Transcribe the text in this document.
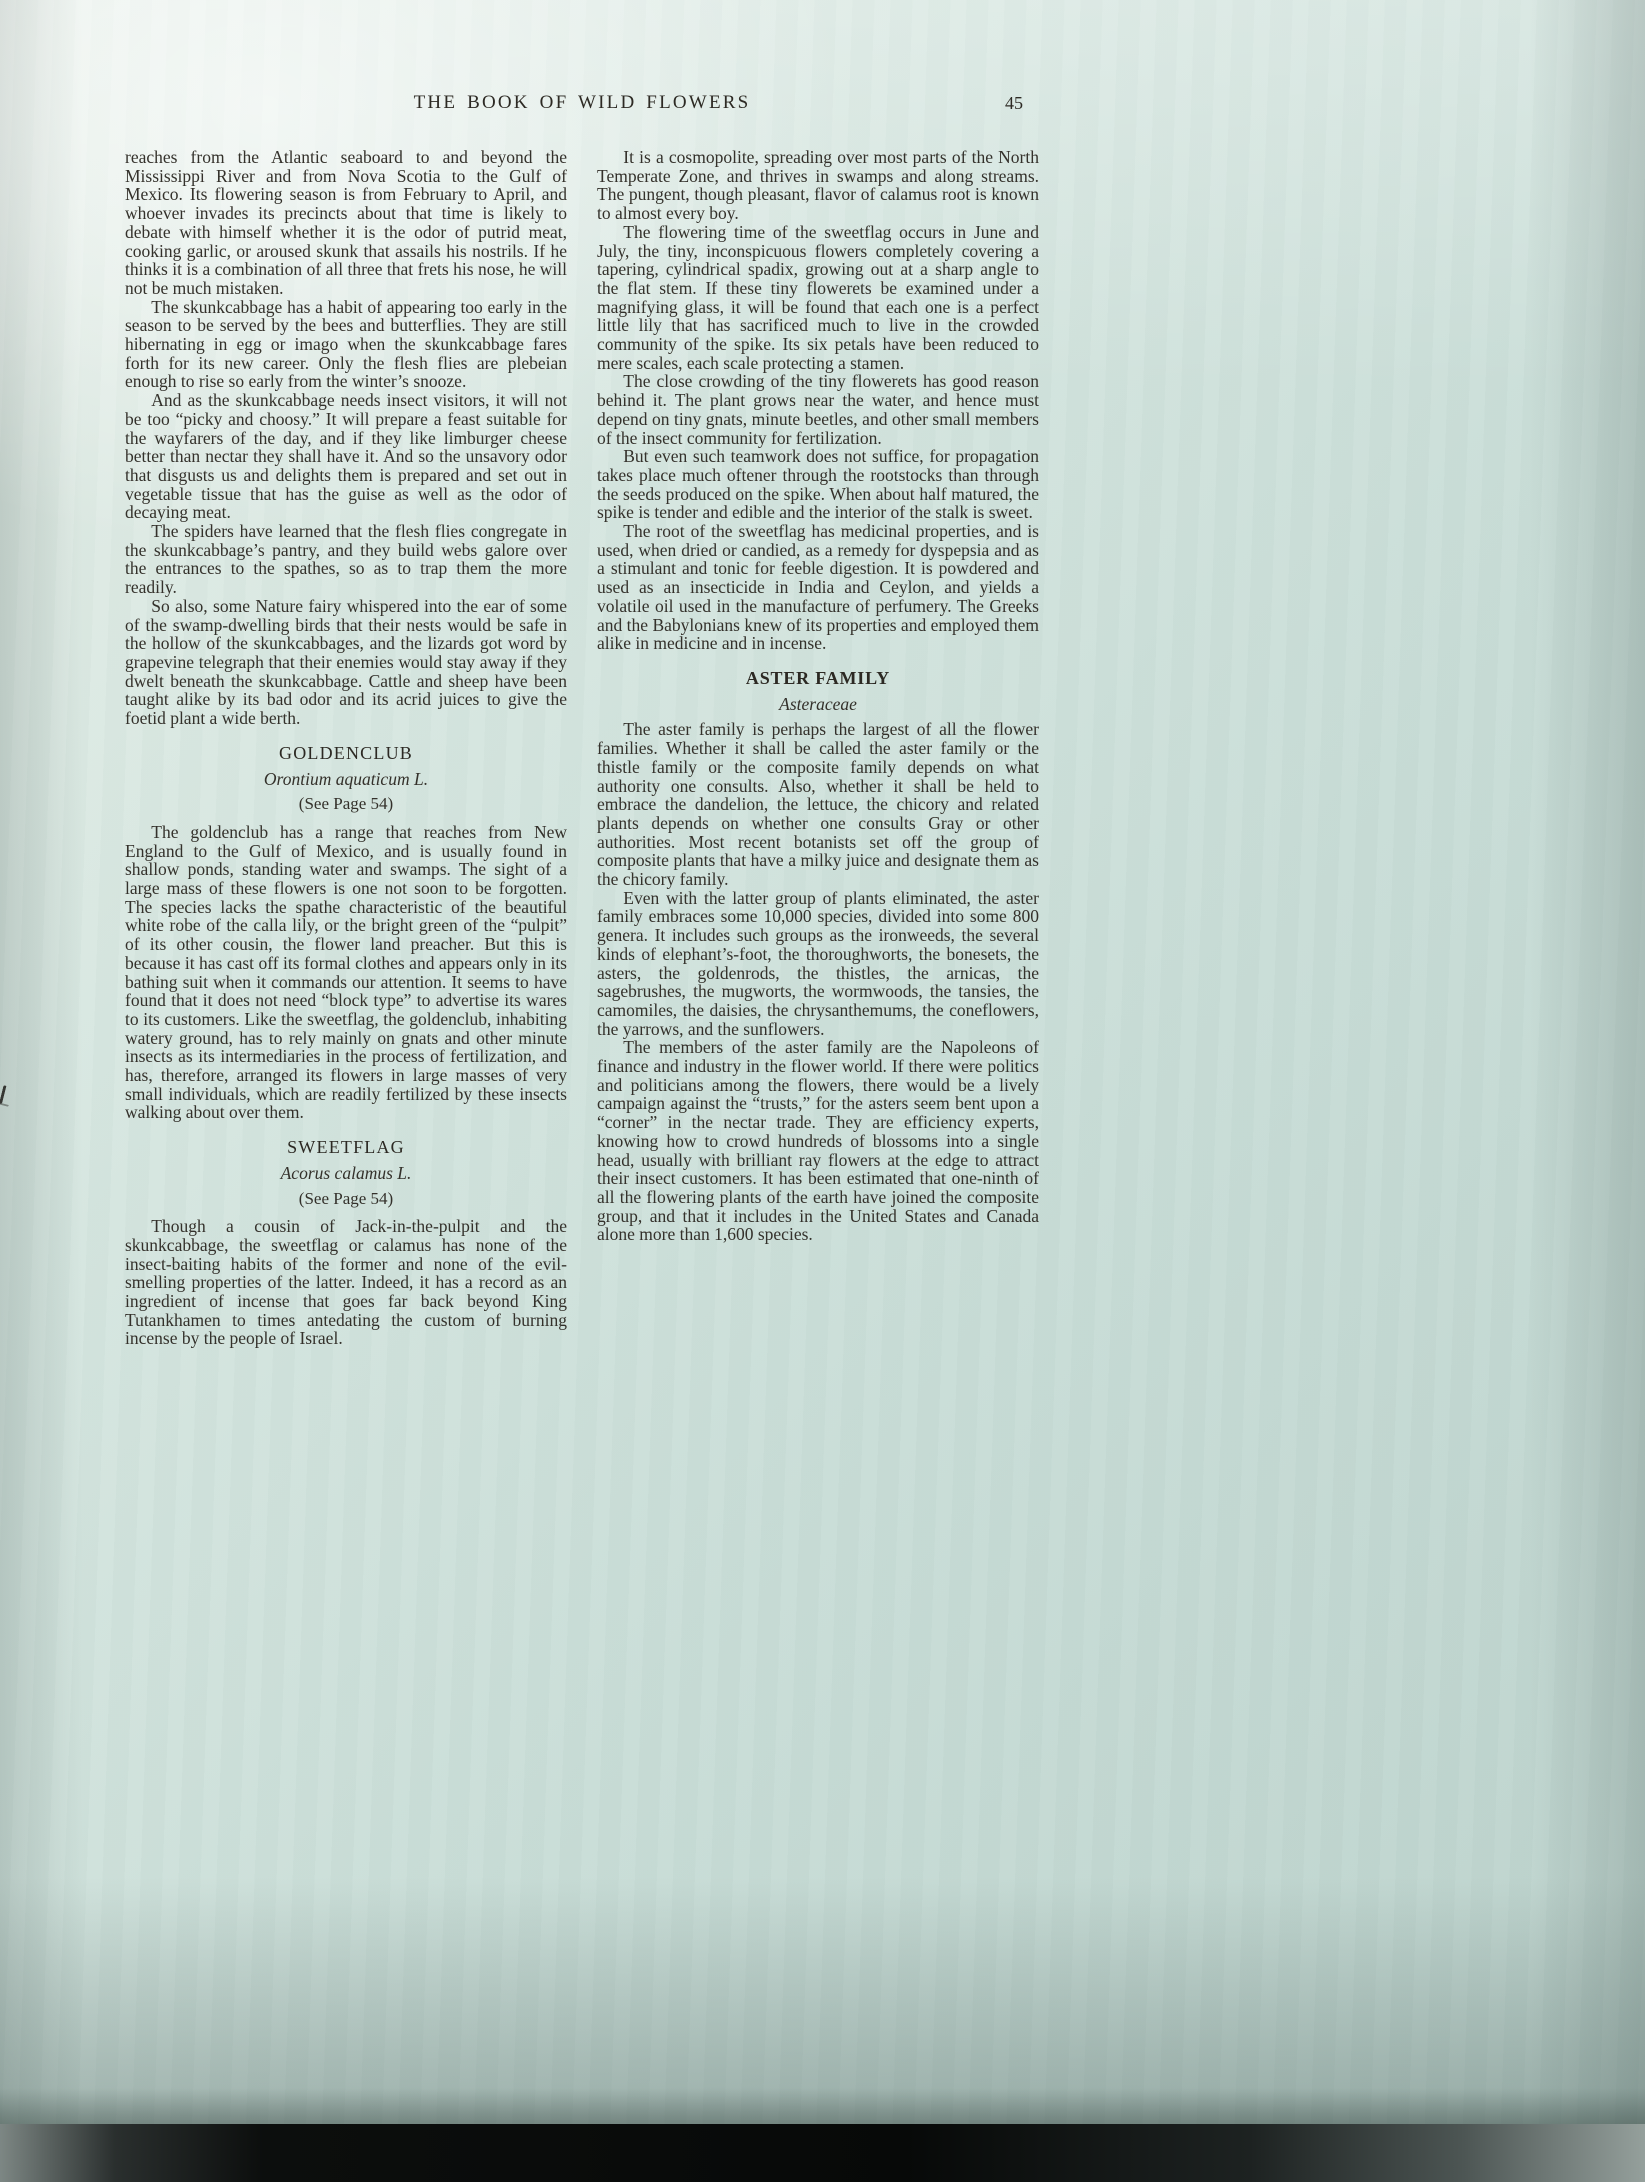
THE BOOK OF WILD FLOWERS	45

reaches from the Atlantic seaboard to and beyond the Mississippi River and from Nova Scotia to the Gulf of Mexico. Its flowering season is from February to April, and whoever invades its precincts about that time is likely to debate with himself whether it is the odor of putrid meat, cooking garlic, or aroused skunk that assails his nostrils. If he thinks it is a combination of all three that frets his nose, he will not be much mistaken.

The skunkcabbage has a habit of appearing too early in the season to be served by the bees and butterflies. They are still hibernating in egg or imago when the skunkcabbage fares forth for its new career. Only the flesh flies are plebeian enough to rise so early from the winter’s snooze.

And as the skunkcabbage needs insect visitors, it will not be too “picky and choosy.” It will prepare a feast suitable for the wayfarers of the day, and if they like limburger cheese better than nectar they shall have it. And so the unsavory odor that disgusts us and delights them is prepared and set out in vegetable tissue that has the guise as well as the odor of decaying meat.

The spiders have learned that the flesh flies congregate in the skunkcabbage’s pantry, and they build webs galore over the entrances to the spathes, so as to trap them the more readily.

So also, some Nature fairy whispered into the ear of some of the swamp-dwelling birds that their nests would be safe in the hollow of the skunkcabbages, and the lizards got word by grapevine telegraph that their enemies would stay away if they dwelt beneath the skunkcabbage. Cattle and sheep have been taught alike by its bad odor and its acrid juices to give the foetid plant a wide berth.

GOLDENCLUB

Orontium aquaticum L.

(See Page 54)

The goldenclub has a range that reaches from New England to the Gulf of Mexico, and is usually found in shallow ponds, standing water and swamps. The sight of a large mass of these flowers is one not soon to be forgotten. The species lacks the spathe characteristic of the beautiful white robe of the calla lily, or the bright green of the “pulpit” of its other cousin, the flower land preacher. But this is because it has cast off its formal clothes and appears only in its bathing suit when it commands our attention. It seems to have found that it does not need “block type” to advertise its wares to its customers. Like the sweetflag, the goldenclub, inhabiting watery ground, has to rely mainly on gnats and other minute insects as its intermediaries in the process of fertilization, and has, therefore, arranged its flowers in large masses of very small individuals, which are readily fertilized by these insects walking about over them.

SWEETFLAG

Acorus calamus L.

(See Page 54)

Though a cousin of Jack-in-the-pulpit and the skunkcabbage, the sweetflag or calamus has none of the insect-baiting habits of the former and none of the evil-smelling properties of the latter. Indeed, it has a record as an ingredient of incense that goes far back beyond King Tutankhamen to times antedating the custom of burning incense by the people of Israel.

It is a cosmopolite, spreading over most parts of the North Temperate Zone, and thrives in swamps and along streams. The pungent, though pleasant, flavor of calamus root is known to almost every boy.

The flowering time of the sweetflag occurs in June and July, the tiny, inconspicuous flowers completely covering a tapering, cylindrical spadix, growing out at a sharp angle to the flat stem. If these tiny flowerets be examined under a magnifying glass, it will be found that each one is a perfect little lily that has sacrificed much to live in the crowded community of the spike. Its six petals have been reduced to mere scales, each scale protecting a stamen.

The close crowding of the tiny flowerets has good reason behind it. The plant grows near the water, and hence must depend on tiny gnats, minute beetles, and other small members of the insect community for fertilization.

But even such teamwork does not suffice, for propagation takes place much oftener through the rootstocks than through the seeds produced on the spike. When about half matured, the spike is tender and edible and the interior of the stalk is sweet.

The root of the sweetflag has medicinal properties, and is used, when dried or candied, as a remedy for dyspepsia and as a stimulant and tonic for feeble digestion. It is powdered and used as an insecticide in India and Ceylon, and yields a volatile oil used in the manufacture of perfumery. The Greeks and the Babylonians knew of its properties and employed them alike in medicine and in incense.

ASTER FAMILY

Asteraceae

The aster family is perhaps the largest of all the flower families. Whether it shall be called the aster family or the thistle family or the composite family depends on what authority one consults. Also, whether it shall be held to embrace the dandelion, the lettuce, the chicory and related plants depends on whether one consults Gray or other authorities. Most recent botanists set off the group of composite plants that have a milky juice and designate them as the chicory family.

Even with the latter group of plants eliminated, the aster family embraces some 10,000 species, divided into some 800 genera. It includes such groups as the ironweeds, the several kinds of elephant’s-foot, the thoroughworts, the bonesets, the asters, the goldenrods, the thistles, the arnicas, the sagebrushes, the mugworts, the wormwoods, the tansies, the camomiles, the daisies, the chrysanthemums, the coneflowers, the yarrows, and the sunflowers.

The members of the aster family are the Napoleons of finance and industry in the flower world. If there were politics and politicians among the flowers, there would be a lively campaign against the “trusts,” for the asters seem bent upon a “corner” in the nectar trade. They are efficiency experts, knowing how to crowd hundreds of blossoms into a single head, usually with brilliant ray flowers at the edge to attract their insect customers. It has been estimated that one-ninth of all the flowering plants of the earth have joined the composite group, and that it includes in the United States and Canada alone more than 1,600 species.
